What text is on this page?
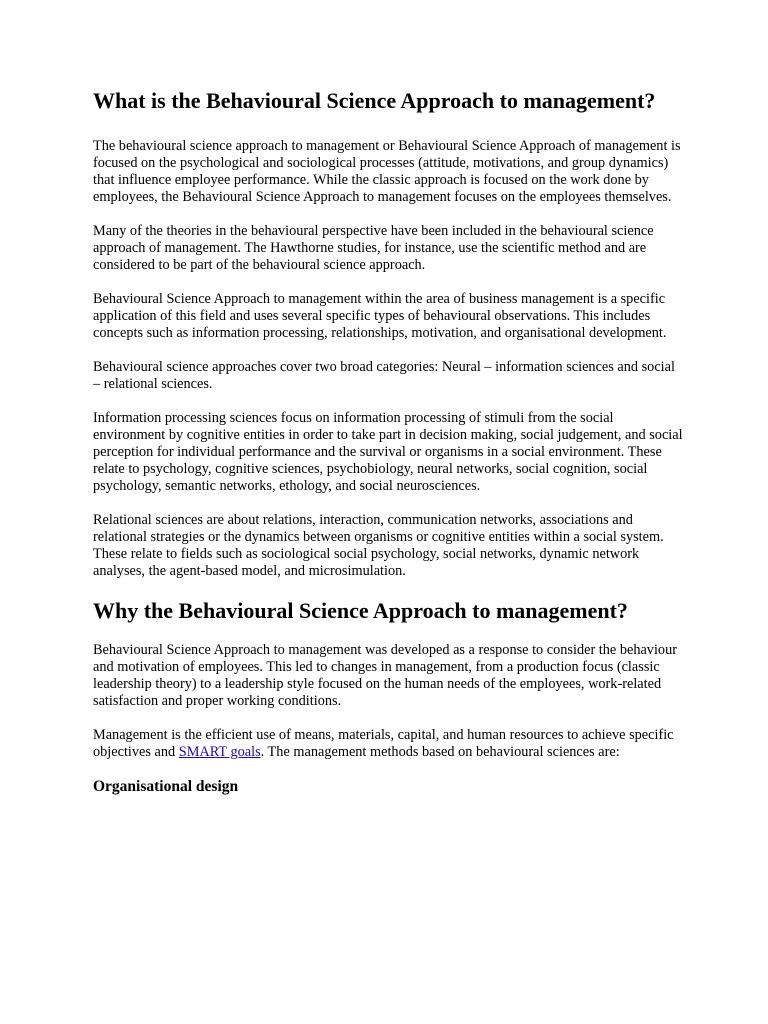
What is the Behavioural Science Approach to management?

The behavioural science approach to management or Behavioural Science Approach of management is focused on the psychological and sociological processes (attitude, motivations, and group dynamics) that influence employee performance. While the classic approach is focused on the work done by employees, the Behavioural Science Approach to management focuses on the employees themselves.

Many of the theories in the behavioural perspective have been included in the behavioural science approach of management. The Hawthorne studies, for instance, use the scientific method and are considered to be part of the behavioural science approach.

Behavioural Science Approach to management within the area of business management is a specific application of this field and uses several specific types of behavioural observations. This includes concepts such as information processing, relationships, motivation, and organisational development.

Behavioural science approaches cover two broad categories: Neural – information sciences and social – relational sciences.

Information processing sciences focus on information processing of stimuli from the social environment by cognitive entities in order to take part in decision making, social judgement, and social perception for individual performance and the survival or organisms in a social environment. These relate to psychology, cognitive sciences, psychobiology, neural networks, social cognition, social psychology, semantic networks, ethology, and social neurosciences.

Relational sciences are about relations, interaction, communication networks, associations and relational strategies or the dynamics between organisms or cognitive entities within a social system. These relate to fields such as sociological social psychology, social networks, dynamic network analyses, the agent-based model, and microsimulation.

Why the Behavioural Science Approach to management?

Behavioural Science Approach to management was developed as a response to consider the behaviour and motivation of employees. This led to changes in management, from a production focus (classic leadership theory) to a leadership style focused on the human needs of the employees, work-related satisfaction and proper working conditions.

Management is the efficient use of means, materials, capital, and human resources to achieve specific objectives and SMART goals. The management methods based on behavioural sciences are:

Organisational design
